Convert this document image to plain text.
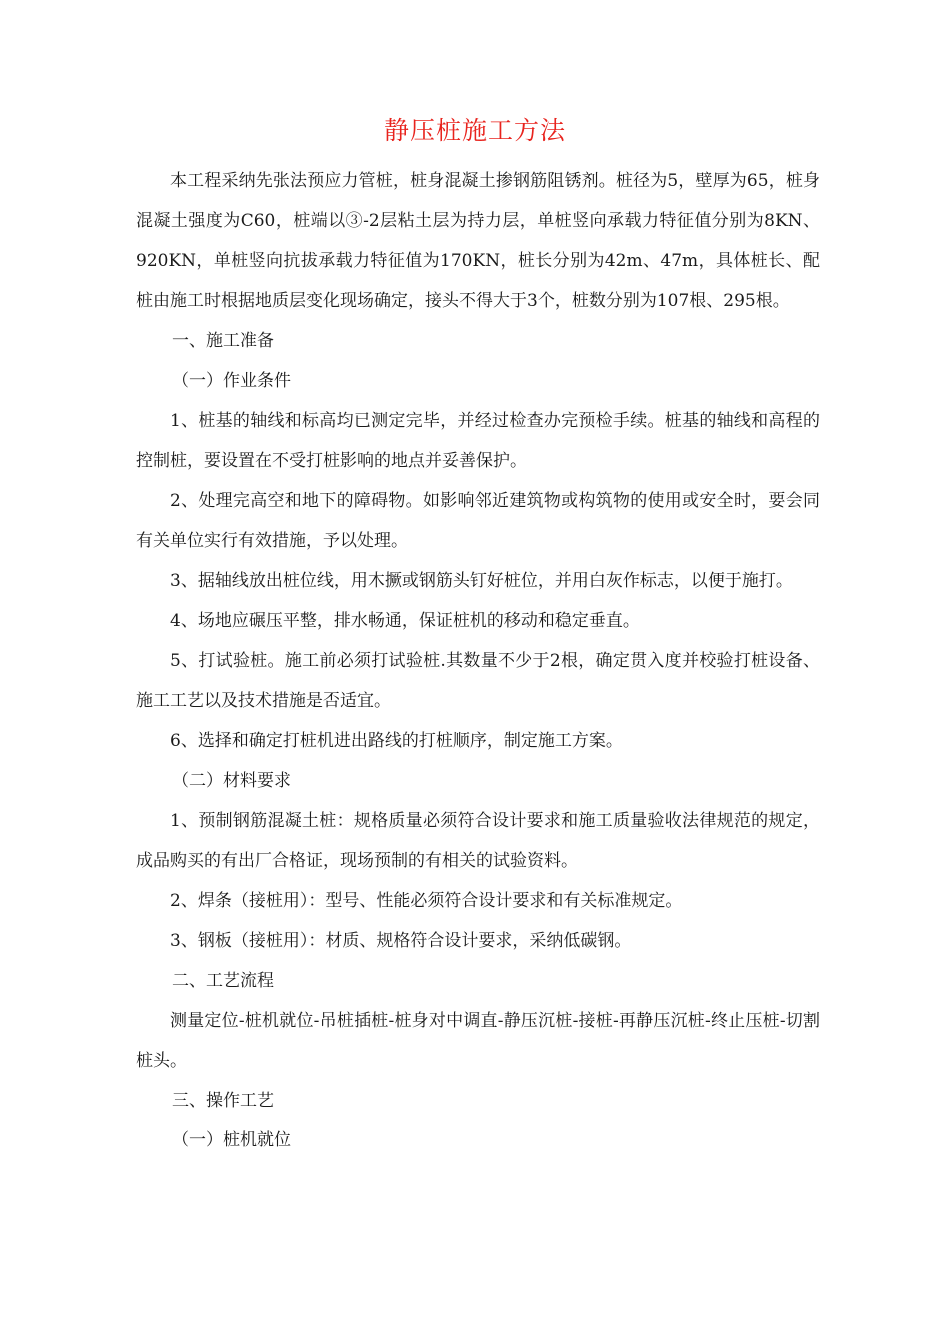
静压桩施工方法

本工程采纳先张法预应力管桩，桩身混凝土掺钢筋阻锈剂。桩径为5，壁厚为65，桩身混凝土强度为C60，桩端以③-2层粘土层为持力层，单桩竖向承载力特征值分别为8KN、920KN，单桩竖向抗拔承载力特征值为170KN，桩长分别为42m、47m，具体桩长、配桩由施工时根据地质层变化现场确定，接头不得大于3个，桩数分别为107根、295根。

一、施工准备

（一）作业条件

1、桩基的轴线和标高均已测定完毕，并经过检查办完预检手续。桩基的轴线和高程的控制桩，要设置在不受打桩影响的地点并妥善保护。

2、处理完高空和地下的障碍物。如影响邻近建筑物或构筑物的使用或安全时，要会同有关单位实行有效措施，予以处理。

3、据轴线放出桩位线，用木撅或钢筋头钉好桩位，并用白灰作标志，以便于施打。

4、场地应碾压平整，排水畅通，保证桩机的移动和稳定垂直。

5、打试验桩。施工前必须打试验桩.其数量不少于2根，确定贯入度并校验打桩设备、施工工艺以及技术措施是否适宜。

6、选择和确定打桩机进出路线的打桩顺序，制定施工方案。

（二）材料要求

1、预制钢筋混凝土桩：规格质量必须符合设计要求和施工质量验收法律规范的规定，成品购买的有出厂合格证，现场预制的有相关的试验资料。

2、焊条（接桩用）：型号、性能必须符合设计要求和有关标准规定。

3、钢板（接桩用）：材质、规格符合设计要求，采纳低碳钢。

二、工艺流程

测量定位-桩机就位-吊桩插桩-桩身对中调直-静压沉桩-接桩-再静压沉桩-终止压桩-切割桩头。

三、操作工艺

（一）桩机就位
